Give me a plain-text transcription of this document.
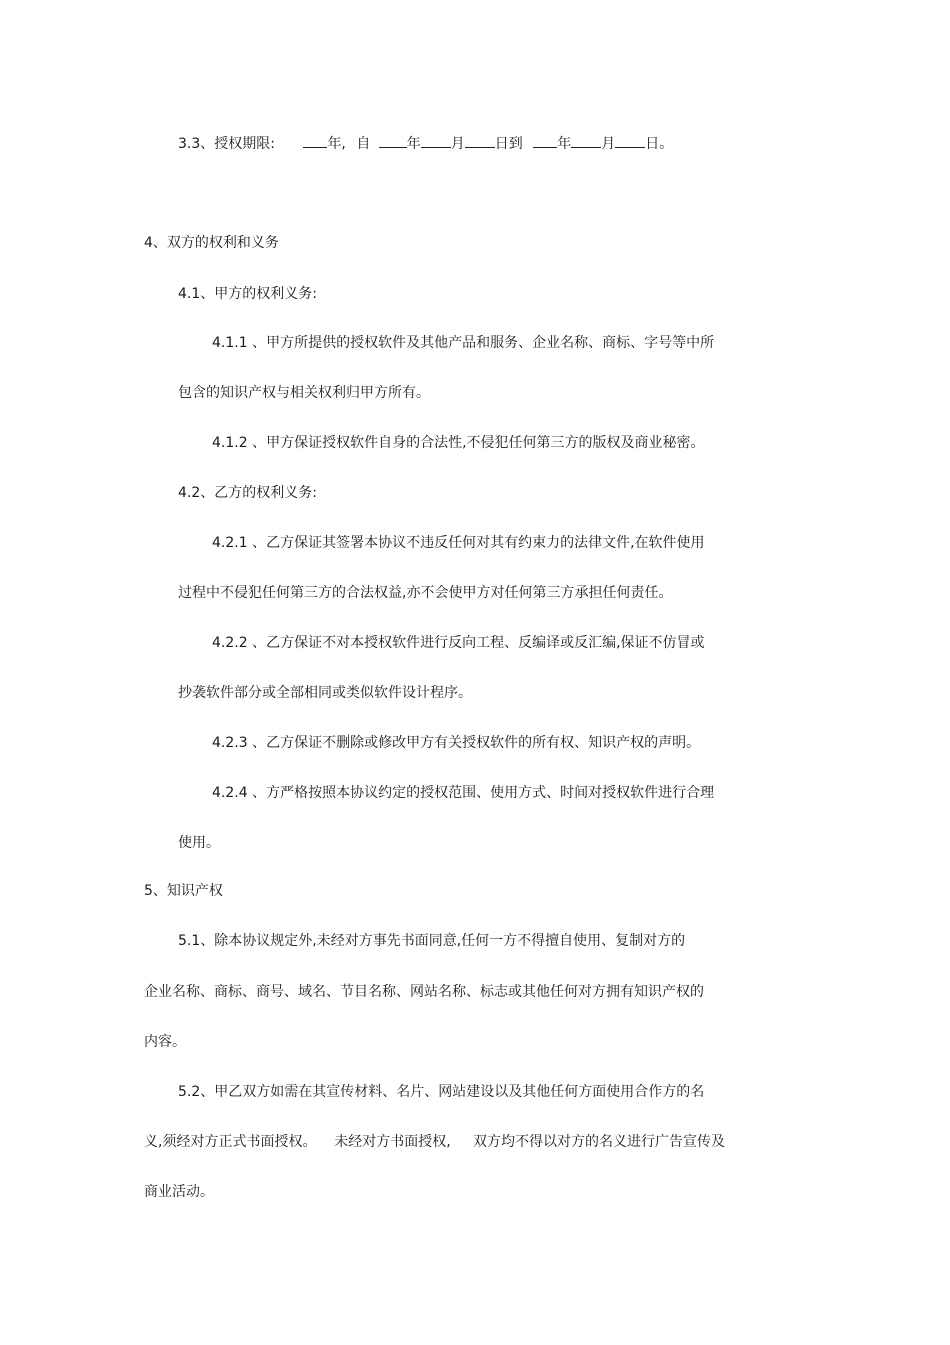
3.3、授权期限:	年, 自	年 月 日到 年 月 日。
4、双方的权利和义务
4.1、甲方的权利义务:
4.1.1 、甲方所提供的授权软件及其他产品和服务、企业名称、商标、字号等中所
包含的知识产权与相关权利归甲方所有。
4.1.2 、甲方保证授权软件自身的合法性,不侵犯任何第三方的版权及商业秘密。
4.2、乙方的权利义务:
4.2.1 、乙方保证其签署本协议不违反任何对其有约束力的法律文件,在软件使用
过程中不侵犯任何第三方的合法权益,亦不会使甲方对任何第三方承担任何责任。
4.2.2 、乙方保证不对本授权软件进行反向工程、反编译或反汇编,保证不仿冒或
抄袭软件部分或全部相同或类似软件设计程序。
4.2.3 、乙方保证不删除或修改甲方有关授权软件的所有权、知识产权的声明。
4.2.4 、方严格按照本协议约定的授权范围、使用方式、时间对授权软件进行合理
使用。
5、知识产权
5.1、除本协议规定外,未经对方事先书面同意,任何一方不得擅自使用、复制对方的
企业名称、商标、商号、域名、节目名称、网站名称、标志或其他任何对方拥有知识产权的
内容。
5.2、甲乙双方如需在其宣传材料、名片、网站建设以及其他任何方面使用合作方的名
义,须经对方正式书面授权。    未经对方书面授权,     双方均不得以对方的名义进行广告宣传及
商业活动。
